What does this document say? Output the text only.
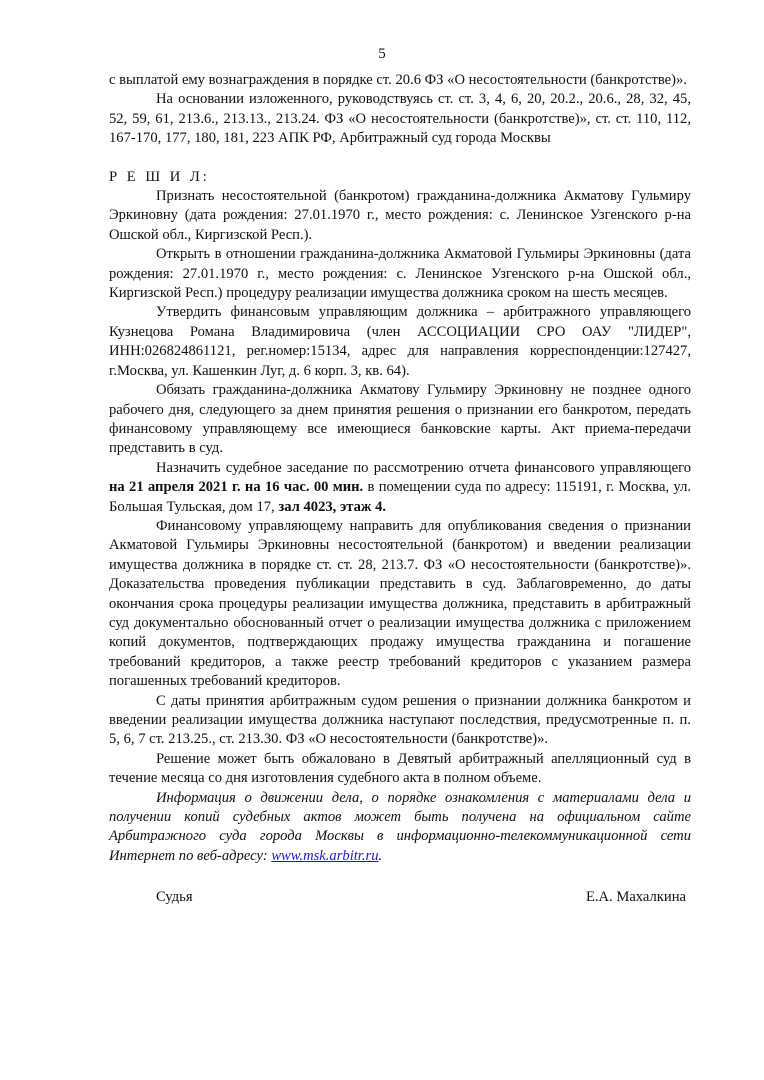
5

с выплатой ему вознаграждения в порядке ст. 20.6 ФЗ «О несостоятельности (банкротстве)».

На основании изложенного, руководствуясь ст. ст. 3, 4, 6, 20, 20.2., 20.6., 28, 32, 45, 52, 59, 61, 213.6., 213.13., 213.24. ФЗ «О несостоятельности (банкротстве)», ст. ст. 110, 112, 167-170, 177, 180, 181, 223 АПК РФ, Арбитражный суд города Москвы

Р Е Ш И Л:

Признать несостоятельной (банкротом) гражданина-должника Акматову Гульмиру Эркиновну (дата рождения: 27.01.1970 г., место рождения: с. Ленинское Узгенского р-на Ошской обл., Киргизской Респ.).

Открыть в отношении гражданина-должника Акматовой Гульмиры Эркиновны (дата рождения: 27.01.1970 г., место рождения: с. Ленинское Узгенского р-на Ошской обл., Киргизской Респ.) процедуру реализации имущества должника сроком на шесть месяцев.

Утвердить финансовым управляющим должника – арбитражного управляющего Кузнецова Романа Владимировича (член АССОЦИАЦИИ СРО ОАУ "ЛИДЕР", ИНН:026824861121, рег.номер:15134, адрес для направления корреспонденции:127427, г.Москва, ул. Кашенкин Луг, д. 6 корп. 3, кв. 64).

Обязать гражданина-должника Акматову Гульмиру Эркиновну не позднее одного рабочего дня, следующего за днем принятия решения о признании его банкротом, передать финансовому управляющему все имеющиеся банковские карты. Акт приема-передачи представить в суд.

Назначить судебное заседание по рассмотрению отчета финансового управляющего на 21 апреля 2021 г. на 16 час. 00 мин. в помещении суда по адресу: 115191, г. Москва, ул. Большая Тульская, дом 17, зал 4023, этаж 4.

Финансовому управляющему направить для опубликования сведения о признании Акматовой Гульмиры Эркиновны несостоятельной (банкротом) и введении реализации имущества должника в порядке ст. ст. 28, 213.7. ФЗ «О несостоятельности (банкротстве)». Доказательства проведения публикации представить в суд. Заблаговременно, до даты окончания срока процедуры реализации имущества должника, представить в арбитражный суд документально обоснованный отчет о реализации имущества должника с приложением копий документов, подтверждающих продажу имущества гражданина и погашение требований кредиторов, а также реестр требований кредиторов с указанием размера погашенных требований кредиторов.

С даты принятия арбитражным судом решения о признании должника банкротом и введении реализации имущества должника наступают последствия, предусмотренные п. п. 5, 6, 7 ст. 213.25., ст. 213.30. ФЗ «О несостоятельности (банкротстве)».

Решение может быть обжаловано в Девятый арбитражный апелляционный суд в течение месяца со дня изготовления судебного акта в полном объеме.

Информация о движении дела, о порядке ознакомления с материалами дела и получении копий судебных актов может быть получена на официальном сайте Арбитражного суда города Москвы в информационно-телекоммуникационной сети Интернет по веб-адресу: www.msk.arbitr.ru.

Судья	Е.А. Махалкина
